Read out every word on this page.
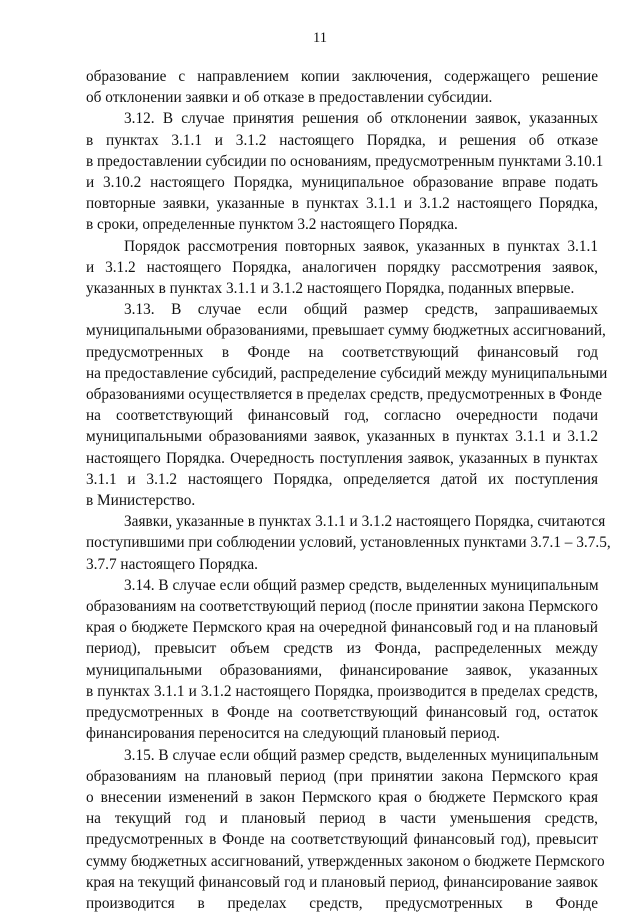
11
образование с направлением копии заключения, содержащего решение
об отклонении заявки и об отказе в предоставлении субсидии.
3.12. В случае принятия решения об отклонении заявок, указанных
в пунктах 3.1.1 и 3.1.2 настоящего Порядка, и решения об отказе
в предоставлении субсидии по основаниям, предусмотренным пунктами 3.10.1
и 3.10.2 настоящего Порядка, муниципальное образование вправе подать
повторные заявки, указанные в пунктах 3.1.1 и 3.1.2 настоящего Порядка,
в сроки, определенные пунктом 3.2 настоящего Порядка.
Порядок рассмотрения повторных заявок, указанных в пунктах 3.1.1
и 3.1.2 настоящего Порядка, аналогичен порядку рассмотрения заявок,
указанных в пунктах 3.1.1 и 3.1.2 настоящего Порядка, поданных впервые.
3.13. В случае если общий размер средств, запрашиваемых
муниципальными образованиями, превышает сумму бюджетных ассигнований,
предусмотренных в Фонде на соответствующий финансовый год
на предоставление субсидий, распределение субсидий между муниципальными
образованиями осуществляется в пределах средств, предусмотренных в Фонде
на соответствующий финансовый год, согласно очередности подачи
муниципальными образованиями заявок, указанных в пунктах 3.1.1 и 3.1.2
настоящего Порядка. Очередность поступления заявок, указанных в пунктах
3.1.1 и 3.1.2 настоящего Порядка, определяется датой их поступления
в Министерство.
Заявки, указанные в пунктах 3.1.1 и 3.1.2 настоящего Порядка, считаются
поступившими при соблюдении условий, установленных пунктами 3.7.1 – 3.7.5,
3.7.7 настоящего Порядка.
3.14. В случае если общий размер средств, выделенных муниципальным
образованиям на соответствующий период (после принятии закона Пермского
края о бюджете Пермского края на очередной финансовый год и на плановый
период), превысит объем средств из Фонда, распределенных между
муниципальными образованиями, финансирование заявок, указанных
в пунктах 3.1.1 и 3.1.2 настоящего Порядка, производится в пределах средств,
предусмотренных в Фонде на соответствующий финансовый год, остаток
финансирования переносится на следующий плановый период.
3.15. В случае если общий размер средств, выделенных муниципальным
образованиям на плановый период (при принятии закона Пермского края
о внесении изменений в закон Пермского края о бюджете Пермского края
на текущий год и плановый период в части уменьшения средств,
предусмотренных в Фонде на соответствующий финансовый год), превысит
сумму бюджетных ассигнований, утвержденных законом о бюджете Пермского
края на текущий финансовый год и плановый период, финансирование заявок
производится в пределах средств, предусмотренных в Фонде
